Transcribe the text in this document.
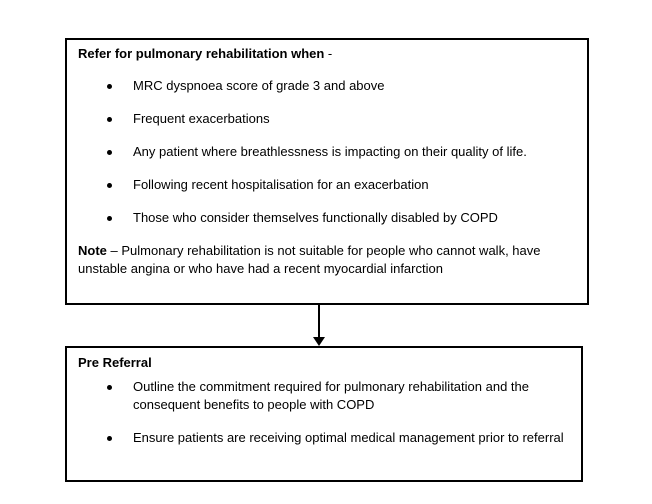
Refer for pulmonary rehabilitation when -

MRC dyspnoea score of grade 3 and above
Frequent exacerbations
Any patient where breathlessness is impacting on their quality of life.
Following recent hospitalisation for an exacerbation
Those who consider themselves functionally disabled by COPD

Note – Pulmonary rehabilitation is not suitable for people who cannot walk, have unstable angina or who have had a recent myocardial infarction

Pre Referral

Outline the commitment required for pulmonary rehabilitation and the consequent benefits to people with COPD
Ensure patients are receiving optimal medical management prior to referral
